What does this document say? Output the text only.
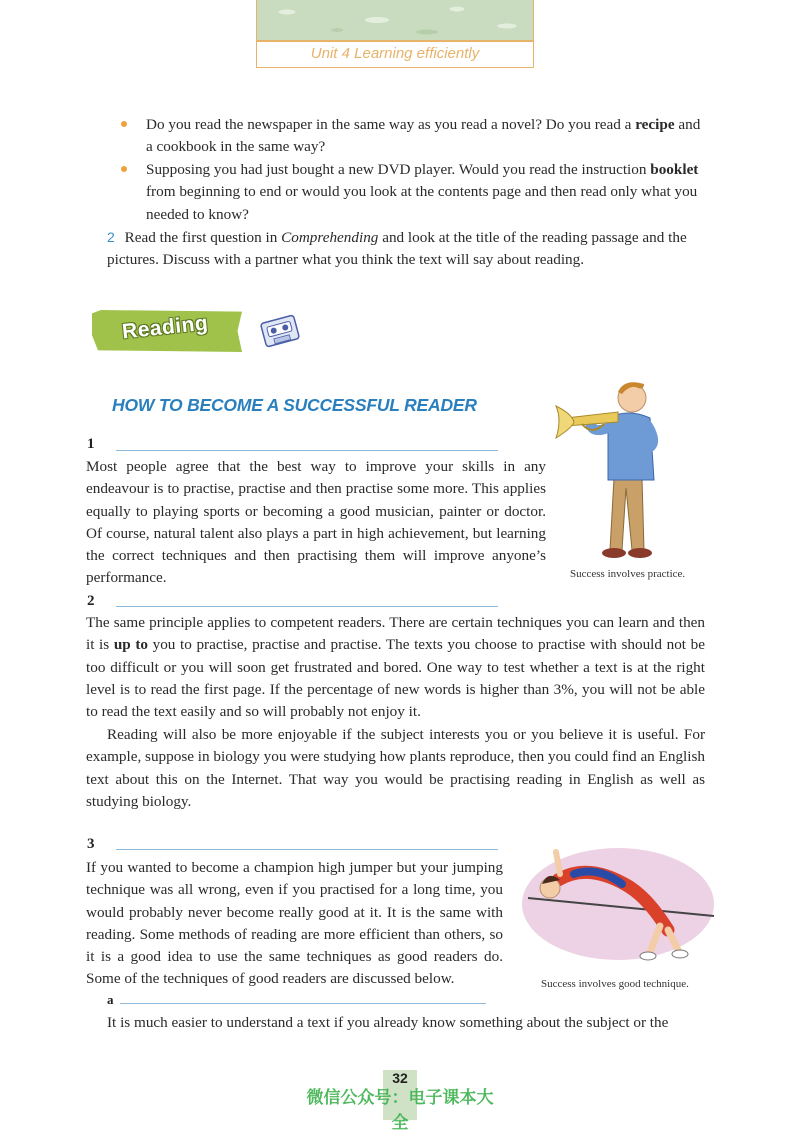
Unit 4 Learning efficiently
Do you read the newspaper in the same way as you read a novel? Do you read a recipe and a cookbook in the same way?
Supposing you had just bought a new DVD player. Would you read the instruction booklet from beginning to end or would you look at the contents page and then read only what you needed to know?
2 Read the first question in Comprehending and look at the title of the reading passage and the pictures. Discuss with a partner what you think the text will say about reading.
Reading
HOW TO BECOME A SUCCESSFUL READER
1
Most people agree that the best way to improve your skills in any endeavour is to practise, practise and then practise some more. This applies equally to playing sports or becoming a good musician, painter or doctor. Of course, natural talent also plays a part in high achievement, but learning the correct techniques and then practising them will improve anyone’s performance.	Success involves practice.
2
The same principle applies to competent readers. There are certain techniques you can learn and then it is up to you to practise, practise and practise. The texts you choose to practise with should not be too difficult or you will soon get frustrated and bored. One way to test whether a text is at the right level is to read the first page. If the percentage of new words is higher than 3%, you will not be able to read the text easily and so will probably not enjoy it.
Reading will also be more enjoyable if the subject interests you or you believe it is useful. For example, suppose in biology you were studying how plants reproduce, then you could find an English text about this on the Internet. That way you would be practising reading in English as well as studying biology.
3
If you wanted to become a champion high jumper but your jumping technique was all wrong, even if you practised for a long time, you would probably never become really good at it. It is the same with reading. Some methods of reading are more efficient than others, so it is a good idea to use the same techniques as good readers do. Some of the techniques of good readers are discussed below.	Success involves good technique.
a
It is much easier to understand a text if you already know something about the subject or the
32
微信公众号：电子课本大全
